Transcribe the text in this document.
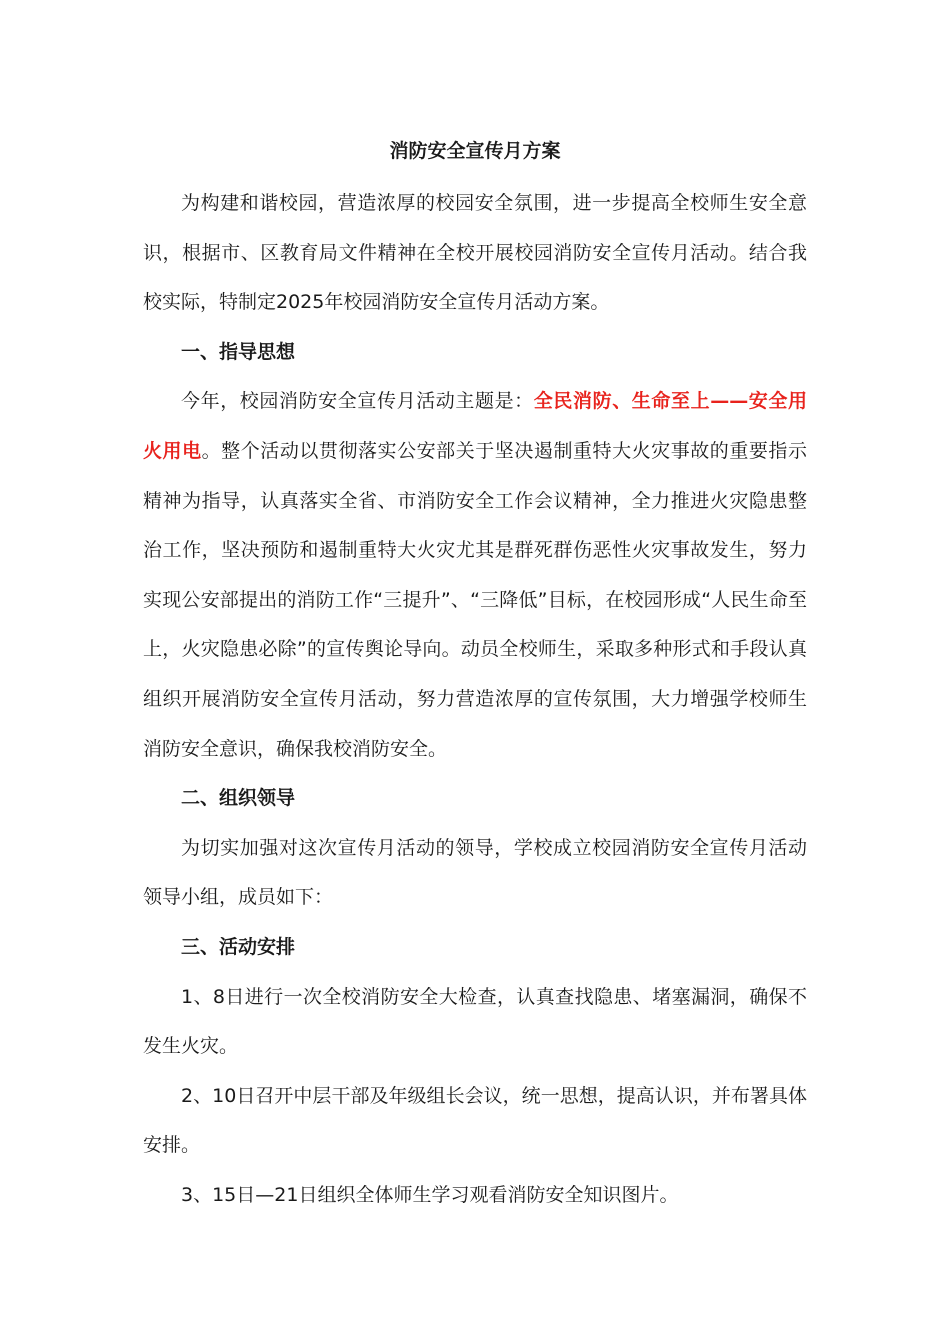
消防安全宣传月方案

为构建和谐校园，营造浓厚的校园安全氛围，进一步提高全校师生安全意识，根据市、区教育局文件精神在全校开展校园消防安全宣传月活动。结合我校实际，特制定2025年校园消防安全宣传月活动方案。

一、指导思想

今年，校园消防安全宣传月活动主题是：全民消防、生命至上——安全用火用电。整个活动以贯彻落实公安部关于坚决遏制重特大火灾事故的重要指示精神为指导，认真落实全省、市消防安全工作会议精神，全力推进火灾隐患整治工作，坚决预防和遏制重特大火灾尤其是群死群伤恶性火灾事故发生，努力实现公安部提出的消防工作“三提升”、“三降低”目标，在校园形成“人民生命至上，火灾隐患必除”的宣传舆论导向。动员全校师生，采取多种形式和手段认真组织开展消防安全宣传月活动，努力营造浓厚的宣传氛围，大力增强学校师生消防安全意识，确保我校消防安全。

二、组织领导

为切实加强对这次宣传月活动的领导，学校成立校园消防安全宣传月活动领导小组，成员如下：

三、活动安排

1、8日进行一次全校消防安全大检查，认真查找隐患、堵塞漏洞，确保不发生火灾。

2、10日召开中层干部及年级组长会议，统一思想，提高认识，并布署具体安排。

3、15日—21日组织全体师生学习观看消防安全知识图片。
